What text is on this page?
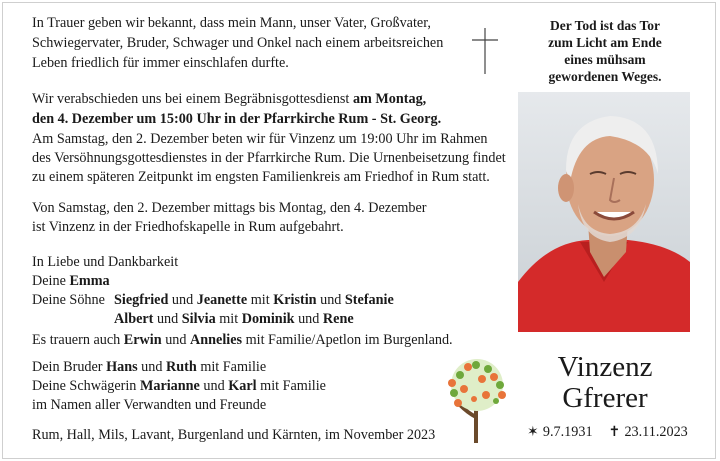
In Trauer geben wir bekannt, dass mein Mann, unser Vater, Großvater,
Schwiegervater, Bruder, Schwager und Onkel nach einem arbeitsreichen
Leben friedlich für immer einschlafen durfte.
Wir verabschieden uns bei einem Begräbnisgottesdienst am Montag,
den 4. Dezember um 15:00 Uhr in der Pfarrkirche Rum - St. Georg.
Am Samstag, den 2. Dezember beten wir für Vinzenz um 19:00 Uhr im Rahmen
des Versöhnungsgottesdienstes in der Pfarrkirche Rum. Die Urnenbeisetzung findet
zu einem späteren Zeitpunkt im engsten Familienkreis am Friedhof in Rum statt.
Von Samstag, den 2. Dezember mittags bis Montag, den 4. Dezember
ist Vinzenz in der Friedhofskapelle in Rum aufgebahrt.
In Liebe und Dankbarkeit
Deine Emma
Deine Söhne Siegfried und Jeanette mit Kristin und Stefanie
Albert und Silvia mit Dominik und Rene
Es trauern auch Erwin und Annelies mit Familie/Apetlon im Burgenland.
Dein Bruder Hans und Ruth mit Familie
Deine Schwägerin Marianne und Karl mit Familie
im Namen aller Verwandten und Freunde
Rum, Hall, Mils, Lavant, Burgenland und Kärnten, im November 2023
Der Tod ist das Tor
zum Licht am Ende
eines mühsam
gewordenen Weges.
Vinzenz
Gfrerer
✶ 9.7.1931 ✝ 23.11.2023
